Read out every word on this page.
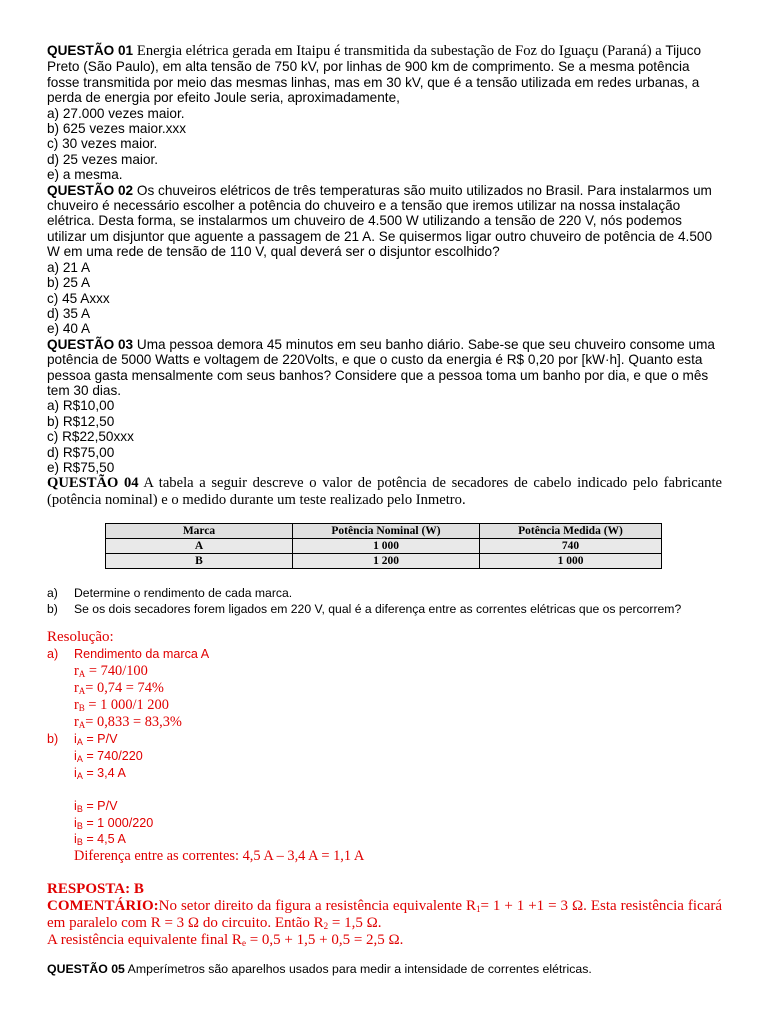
QUESTÃO 01 Energia elétrica gerada em Itaipu é transmitida da subestação de Foz do Iguaçu (Paraná) a Tijuco Preto (São Paulo), em alta tensão de 750 kV, por linhas de 900 km de comprimento. Se a mesma potência fosse transmitida por meio das mesmas linhas, mas em 30 kV, que é a tensão utilizada em redes urbanas, a perda de energia por efeito Joule seria, aproximadamente,
a) 27.000 vezes maior.
b) 625 vezes maior.xxx
c) 30 vezes maior.
d) 25 vezes maior.
e) a mesma.
QUESTÃO 02 Os chuveiros elétricos de três temperaturas são muito utilizados no Brasil. Para instalarmos um chuveiro é necessário escolher a potência do chuveiro e a tensão que iremos utilizar na nossa instalação elétrica. Desta forma, se instalarmos um chuveiro de 4.500 W utilizando a tensão de 220 V, nós podemos utilizar um disjuntor que aguente a passagem de 21 A. Se quisermos ligar outro chuveiro de potência de 4.500 W em uma rede de tensão de 110 V, qual deverá ser o disjuntor escolhido?
a) 21 A
b) 25 A
c) 45 Axxx
d) 35 A
e) 40 A
QUESTÃO 03 Uma pessoa demora 45 minutos em seu banho diário. Sabe-se que seu chuveiro consome uma potência de 5000 Watts e voltagem de 220Volts, e que o custo da energia é R$ 0,20 por [kW·h]. Quanto esta pessoa gasta mensalmente com seus banhos? Considere que a pessoa toma um banho por dia, e que o mês tem 30 dias.
a) R$10,00
b) R$12,50
c) R$22,50xxx
d) R$75,00
e) R$75,50
QUESTÃO 04 A tabela a seguir descreve o valor de potência de secadores de cabelo indicado pelo fabricante (potência nominal) e o medido durante um teste realizado pelo Inmetro.
Marca	Potência Nominal (W)	Potência Medida (W)
A	1 000	740
B	1 200	1 000
a)	Determine o rendimento de cada marca.
b)	Se os dois secadores forem ligados em 220 V, qual é a diferença entre as correntes elétricas que os percorrem?
Resolução:
a)	Rendimento da marca A
$r_A = 740/100$
$r_A= 0,74 = 74\%$
$r_B = 1$ 000/1 200
$r_A= 0,833 = 83,3\%$
b)	$i_A = P/V$
$i_A = 740/220$
$i_A = 3,4$ A
$i_B = P/V$
$i_B = 1$ 000/220
$i_B = 4,5$ A
Diferença entre as correntes: 4,5 A – 3,4 A = 1,1 A
RESPOSTA: B
COMENTÁRIO:No setor direito da figura a resistência equivalente $R_1= 1 + 1 +1 = 3$ Ω. Esta resistência ficará em paralelo com R = 3 Ω do circuito. Então $R_2 = 1,5$ Ω.
A resistência equivalente final $R_e = 0,5 + 1,5 + 0,5 = 2,5$ Ω.
QUESTÃO 05 Amperímetros são aparelhos usados para medir a intensidade de correntes elétricas.
